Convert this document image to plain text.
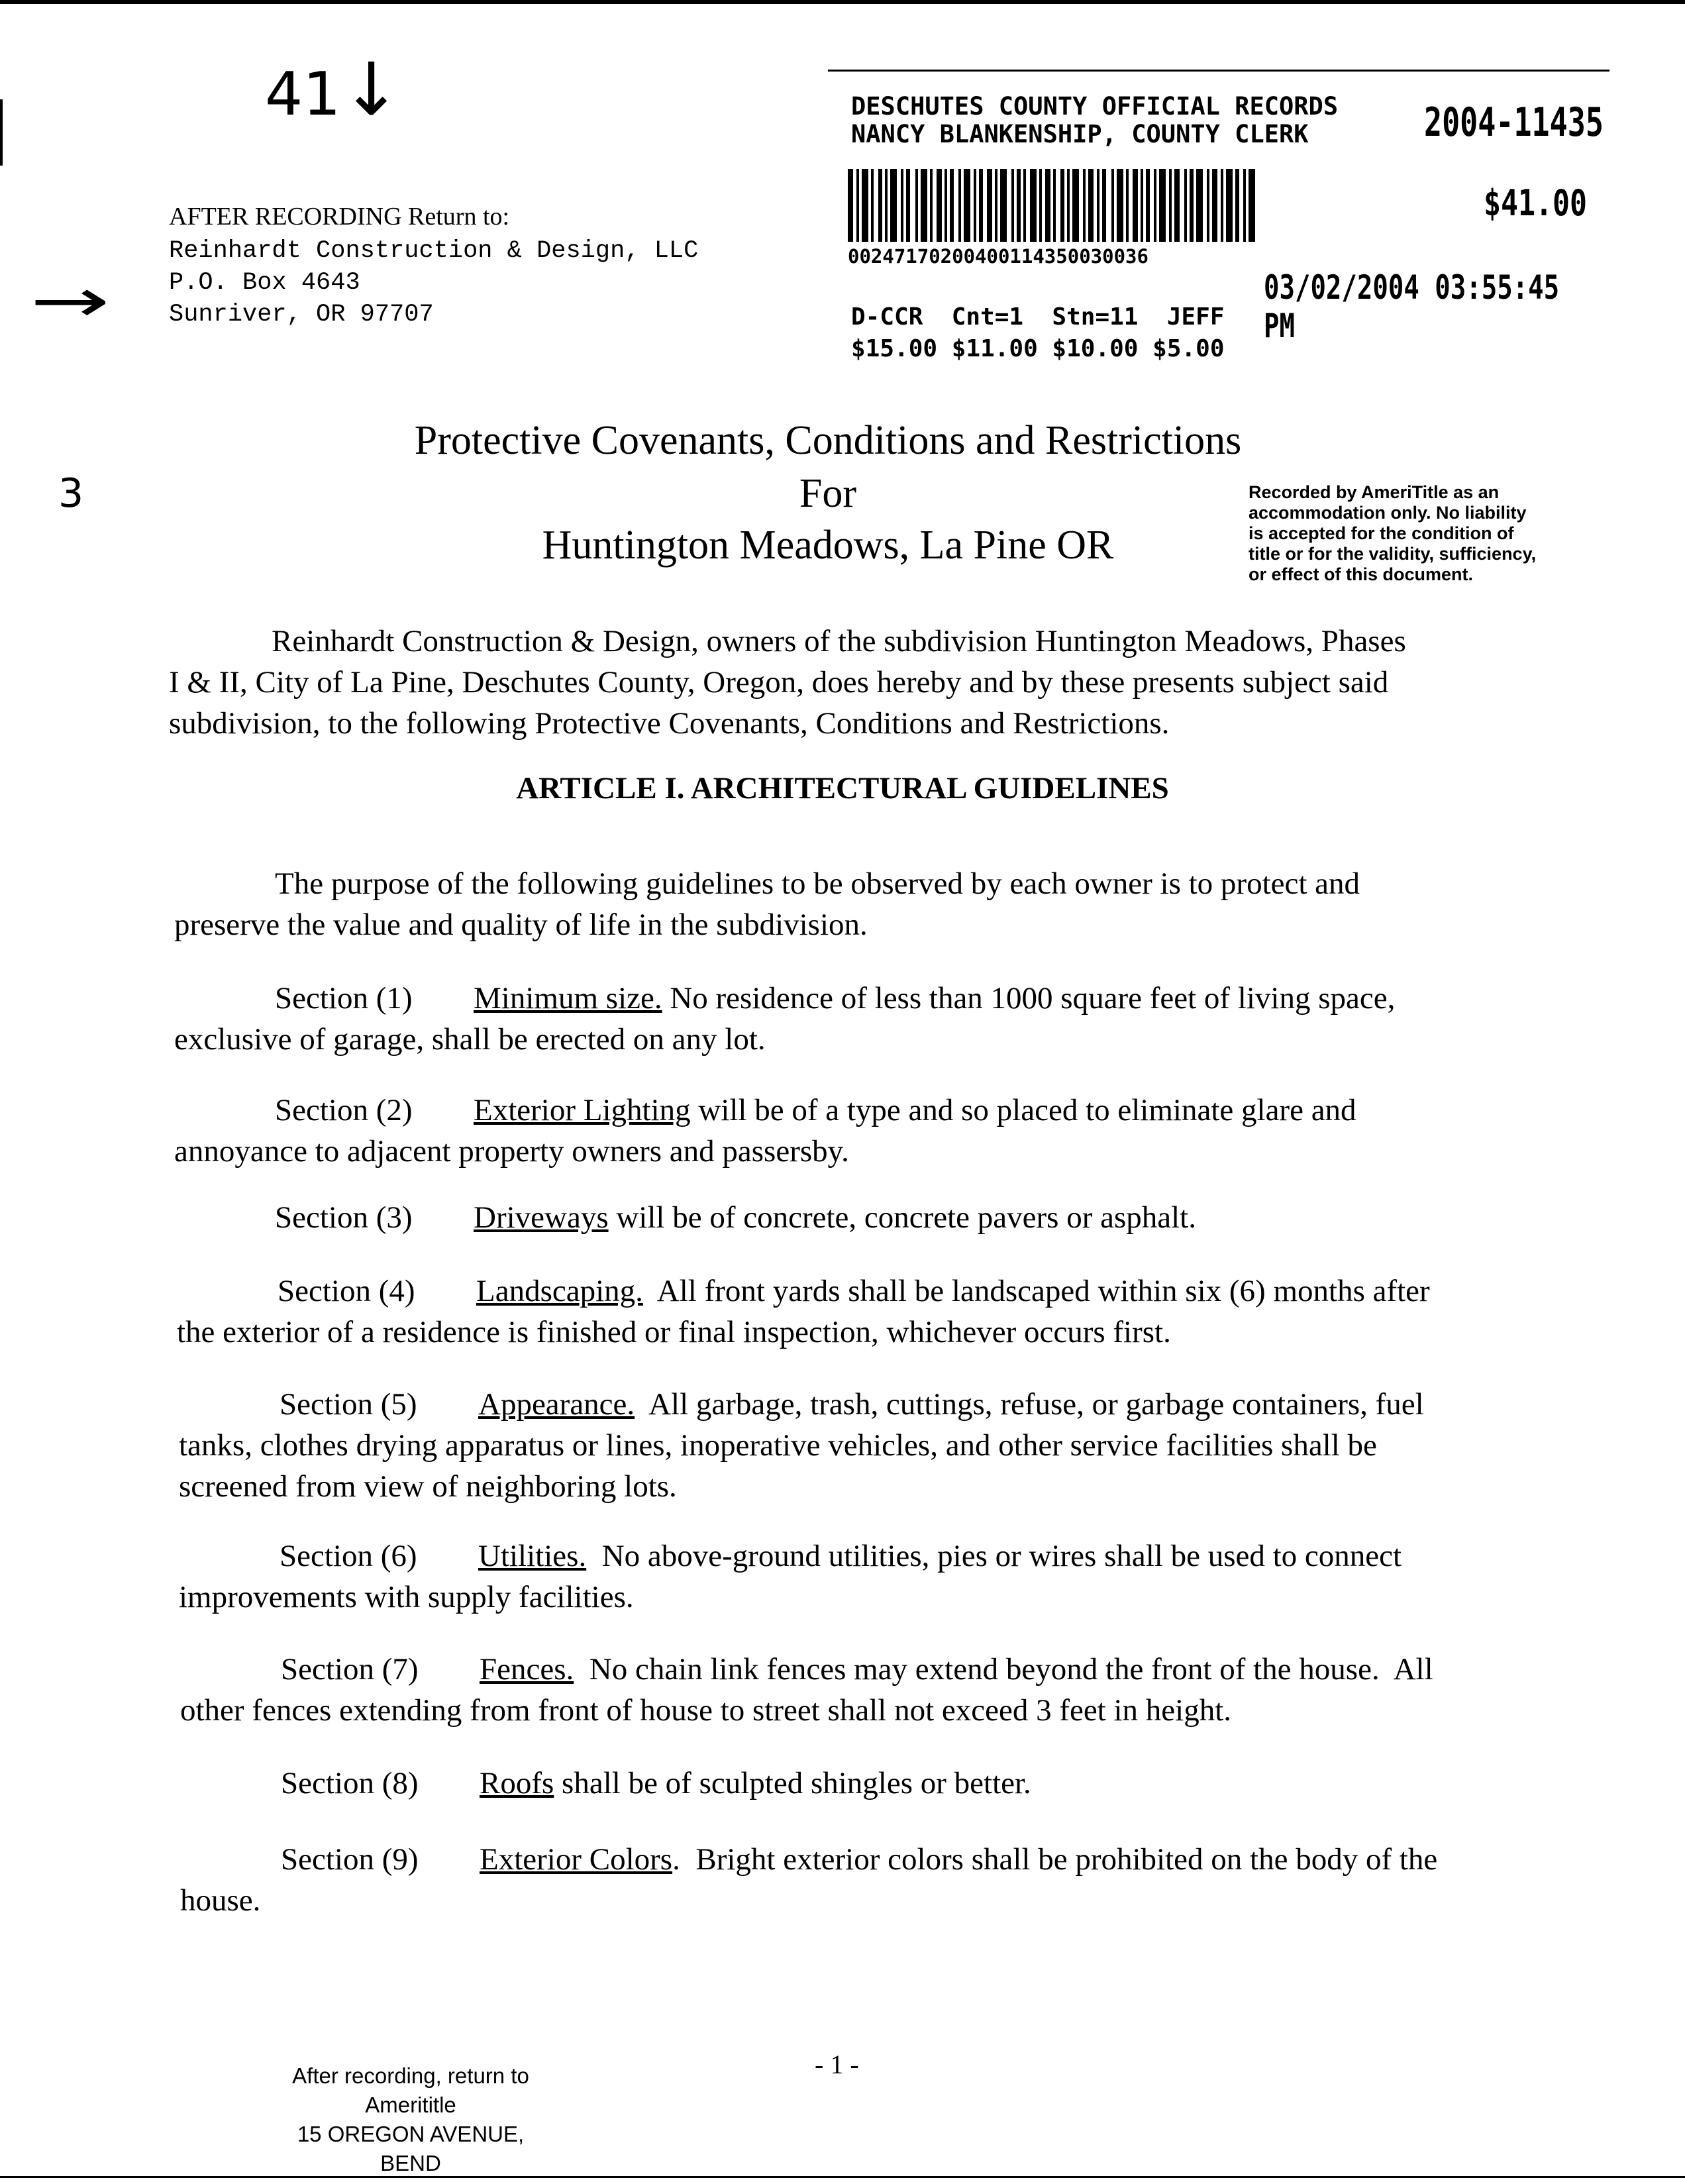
41↓
3
→
AFTER RECORDING Return to:
Reinhardt Construction & Design, LLC
P.O. Box 4643
Sunriver, OR 97707
DESCHUTES COUNTY OFFICIAL RECORDS
NANCY BLANKENSHIP, COUNTY CLERK	2004-11435
$41.00
00247170200400114350030036
03/02/2004 03:55:45 PM
D-CCR  Cnt=1  Stn=11  JEFF
$15.00 $11.00 $10.00 $5.00
Protective Covenants, Conditions and Restrictions
For
Huntington Meadows, La Pine OR
Recorded by AmeriTitle as an
accommodation only. No liability
is accepted for the condition of
title or for the validity, sufficiency,
or effect of this document.
Reinhardt Construction & Design, owners of the subdivision Huntington Meadows, Phases
I & II, City of La Pine, Deschutes County, Oregon, does hereby and by these presents subject said
subdivision, to the following Protective Covenants, Conditions and Restrictions.
ARTICLE I. ARCHITECTURAL GUIDELINES
The purpose of the following guidelines to be observed by each owner is to protect and
preserve the value and quality of life in the subdivision.
Section (1) Minimum size. No residence of less than 1000 square feet of living space,
exclusive of garage, shall be erected on any lot.
Section (2) Exterior Lighting will be of a type and so placed to eliminate glare and
annoyance to adjacent property owners and passersby.
Section (3) Driveways will be of concrete, concrete pavers or asphalt.
Section (4) Landscaping.  All front yards shall be landscaped within six (6) months after
the exterior of a residence is finished or final inspection, whichever occurs first.
Section (5) Appearance.  All garbage, trash, cuttings, refuse, or garbage containers, fuel
tanks, clothes drying apparatus or lines, inoperative vehicles, and other service facilities shall be
screened from view of neighboring lots.
Section (6) Utilities.  No above-ground utilities, pies or wires shall be used to connect
improvements with supply facilities.
Section (7) Fences.  No chain link fences may extend beyond the front of the house.  All
other fences extending from front of house to street shall not exceed 3 feet in height.
Section (8) Roofs shall be of sculpted shingles or better.
Section (9) Exterior Colors.  Bright exterior colors shall be prohibited on the body of the
house.
- 1 -
After recording, return to
Amerititle
15 OREGON AVENUE, BEND
